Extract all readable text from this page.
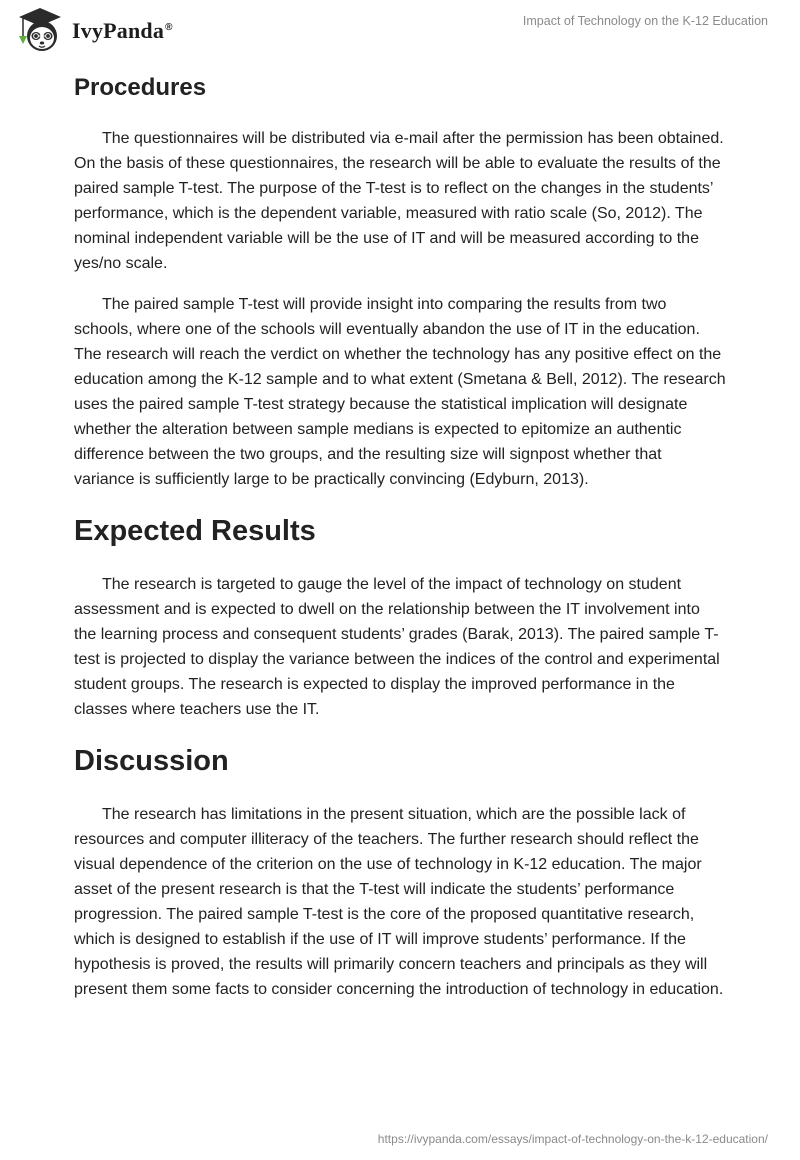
IvyPanda®	Impact of Technology on the K-12 Education
Procedures

The questionnaires will be distributed via e-mail after the permission has been obtained. On the basis of these questionnaires, the research will be able to evaluate the results of the paired sample T-test. The purpose of the T-test is to reflect on the changes in the students’ performance, which is the dependent variable, measured with ratio scale (So, 2012). The nominal independent variable will be the use of IT and will be measured according to the yes/no scale.

The paired sample T-test will provide insight into comparing the results from two schools, where one of the schools will eventually abandon the use of IT in the education. The research will reach the verdict on whether the technology has any positive effect on the education among the K-12 sample and to what extent (Smetana & Bell, 2012). The research uses the paired sample T-test strategy because the statistical implication will designate whether the alteration between sample medians is expected to epitomize an authentic difference between the two groups, and the resulting size will signpost whether that variance is sufficiently large to be practically convincing (Edyburn, 2013).

Expected Results

The research is targeted to gauge the level of the impact of technology on student assessment and is expected to dwell on the relationship between the IT involvement into the learning process and consequent students’ grades (Barak, 2013). The paired sample T-test is projected to display the variance between the indices of the control and experimental student groups. The research is expected to display the improved performance in the classes where teachers use the IT.

Discussion

The research has limitations in the present situation, which are the possible lack of resources and computer illiteracy of the teachers. The further research should reflect the visual dependence of the criterion on the use of technology in K-12 education. The major asset of the present research is that the T-test will indicate the students’ performance progression. The paired sample T-test is the core of the proposed quantitative research, which is designed to establish if the use of IT will improve students’ performance. If the hypothesis is proved, the results will primarily concern teachers and principals as they will present them some facts to consider concerning the introduction of technology in education.

https://ivypanda.com/essays/impact-of-technology-on-the-k-12-education/
